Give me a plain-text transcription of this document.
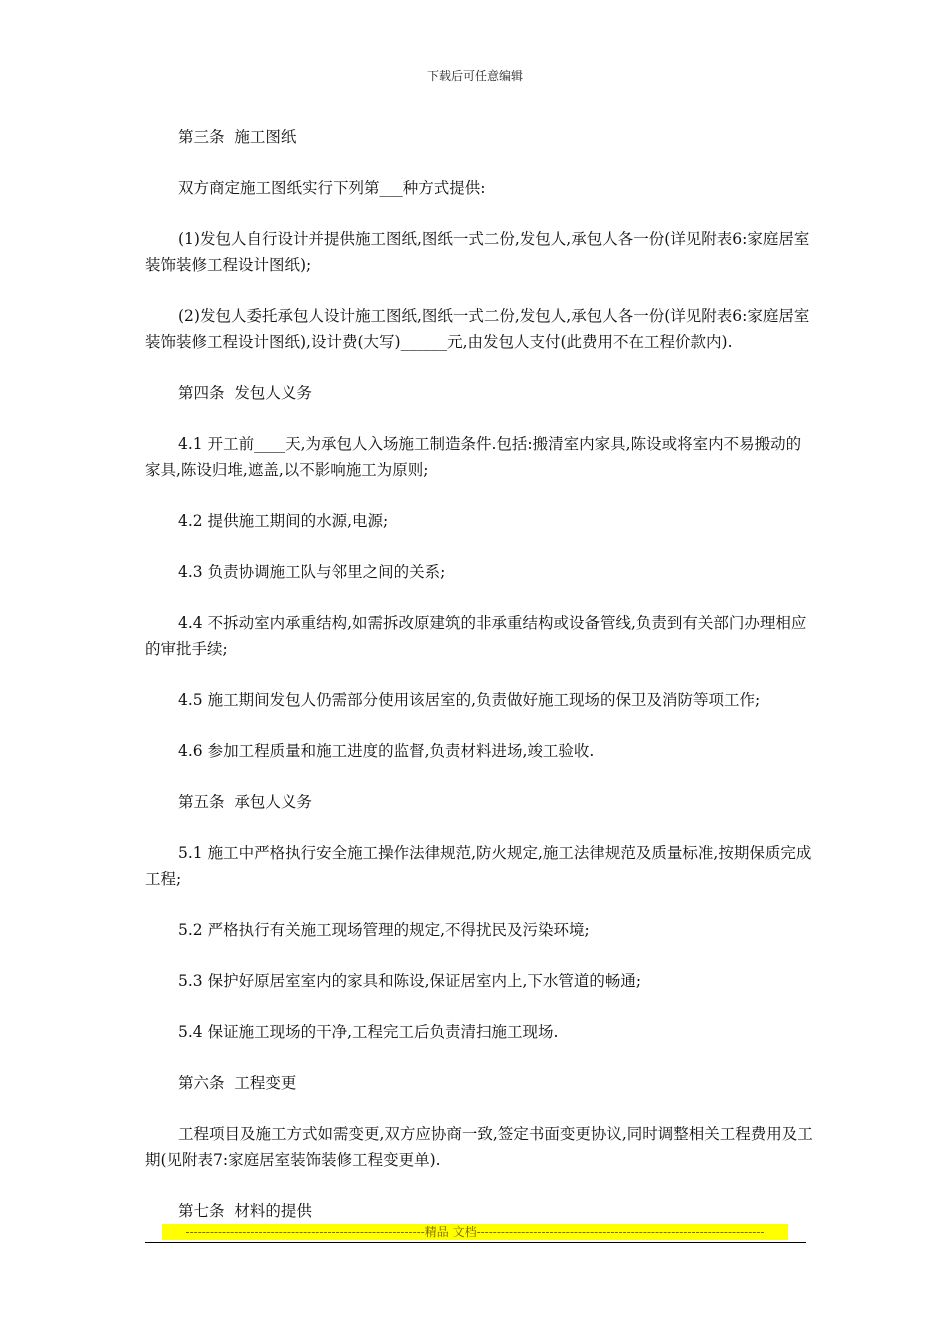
下载后可任意编辑

第三条  施工图纸

双方商定施工图纸实行下列第___种方式提供:

(1)发包人自行设计并提供施工图纸,图纸一式二份,发包人,承包人各一份(详见附表6:家庭居室装饰装修工程设计图纸);

(2)发包人委托承包人设计施工图纸,图纸一式二份,发包人,承包人各一份(详见附表6:家庭居室装饰装修工程设计图纸),设计费(大写)______元,由发包人支付(此费用不在工程价款内).

第四条  发包人义务

4.1 开工前____天,为承包人入场施工制造条件.包括:搬清室内家具,陈设或将室内不易搬动的家具,陈设归堆,遮盖,以不影响施工为原则;

4.2 提供施工期间的水源,电源;

4.3 负责协调施工队与邻里之间的关系;

4.4 不拆动室内承重结构,如需拆改原建筑的非承重结构或设备管线,负责到有关部门办理相应的审批手续;

4.5 施工期间发包人仍需部分使用该居室的,负责做好施工现场的保卫及消防等项工作;

4.6 参加工程质量和施工进度的监督,负责材料进场,竣工验收.

第五条  承包人义务

5.1 施工中严格执行安全施工操作法律规范,防火规定,施工法律规范及质量标准,按期保质完成工程;

5.2 严格执行有关施工现场管理的规定,不得扰民及污染环境;

5.3 保护好原居室室内的家具和陈设,保证居室内上,下水管道的畅通;

5.4 保证施工现场的干净,工程完工后负责清扫施工现场.

第六条  工程变更

工程项目及施工方式如需变更,双方应协商一致,签定书面变更协议,同时调整相关工程费用及工期(见附表7:家庭居室装饰装修工程变更单).

第七条  材料的提供

-----------------------------------------------------------精品 文档-----------------------------------------------------------------------
